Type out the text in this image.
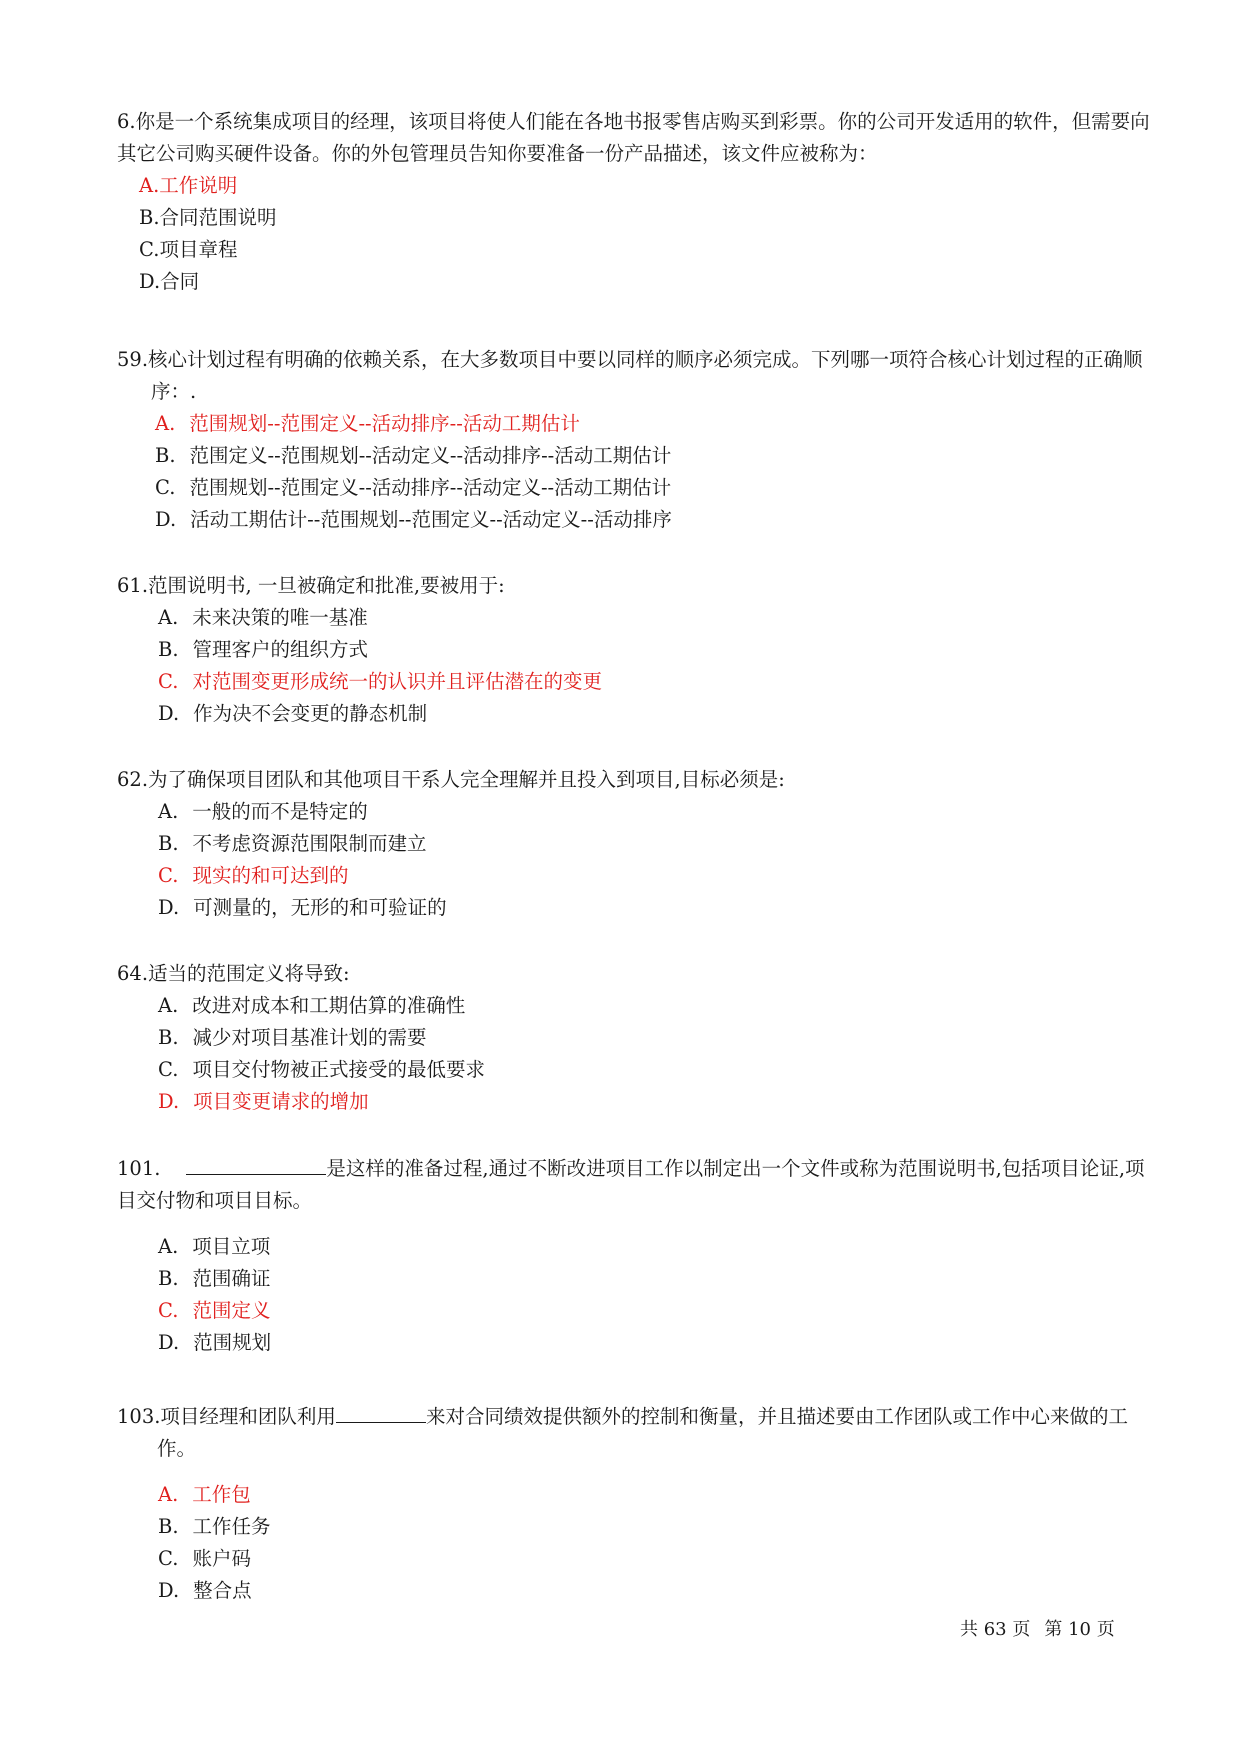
6.你是一个系统集成项目的经理，该项目将使人们能在各地书报零售店购买到彩票。你的公司开发适用的软件，但需要向其它公司购买硬件设备。你的外包管理员告知你要准备一份产品描述，该文件应被称为：

A.工作说明
B.合同范围说明
C.项目章程
D.合同

59.核心计划过程有明确的依赖关系，在大多数项目中要以同样的顺序必须完成。下列哪一项符合核心计划过程的正确顺序：.

A. 范围规划--范围定义--活动排序--活动工期估计
B. 范围定义--范围规划--活动定义--活动排序--活动工期估计
C. 范围规划--范围定义--活动排序--活动定义--活动工期估计
D. 活动工期估计--范围规划--范围定义--活动定义--活动排序

61.范围说明书, 一旦被确定和批准,要被用于:

A. 未来决策的唯一基准
B. 管理客户的组织方式
C. 对范围变更形成统一的认识并且评估潜在的变更
D. 作为决不会变更的静态机制

62.为了确保项目团队和其他项目干系人完全理解并且投入到项目,目标必须是:

A. 一般的而不是特定的
B. 不考虑资源范围限制而建立
C. 现实的和可达到的
D. 可测量的，无形的和可验证的

64.适当的范围定义将导致:

A. 改进对成本和工期估算的准确性
B. 减少对项目基准计划的需要
C. 项目交付物被正式接受的最低要求
D. 项目变更请求的增加

101.	是这样的准备过程,通过不断改进项目工作以制定出一个文件或称为范围说明书,包括项目论证,项目交付物和项目目标。

A. 项目立项
B. 范围确证
C. 范围定义
D. 范围规划

103.项目经理和团队利用	来对合同绩效提供额外的控制和衡量，并且描述要由工作团队或工作中心来做的工作。

A. 工作包
B. 工作任务
C. 账户码
D. 整合点
共 63 页 第 10 页
